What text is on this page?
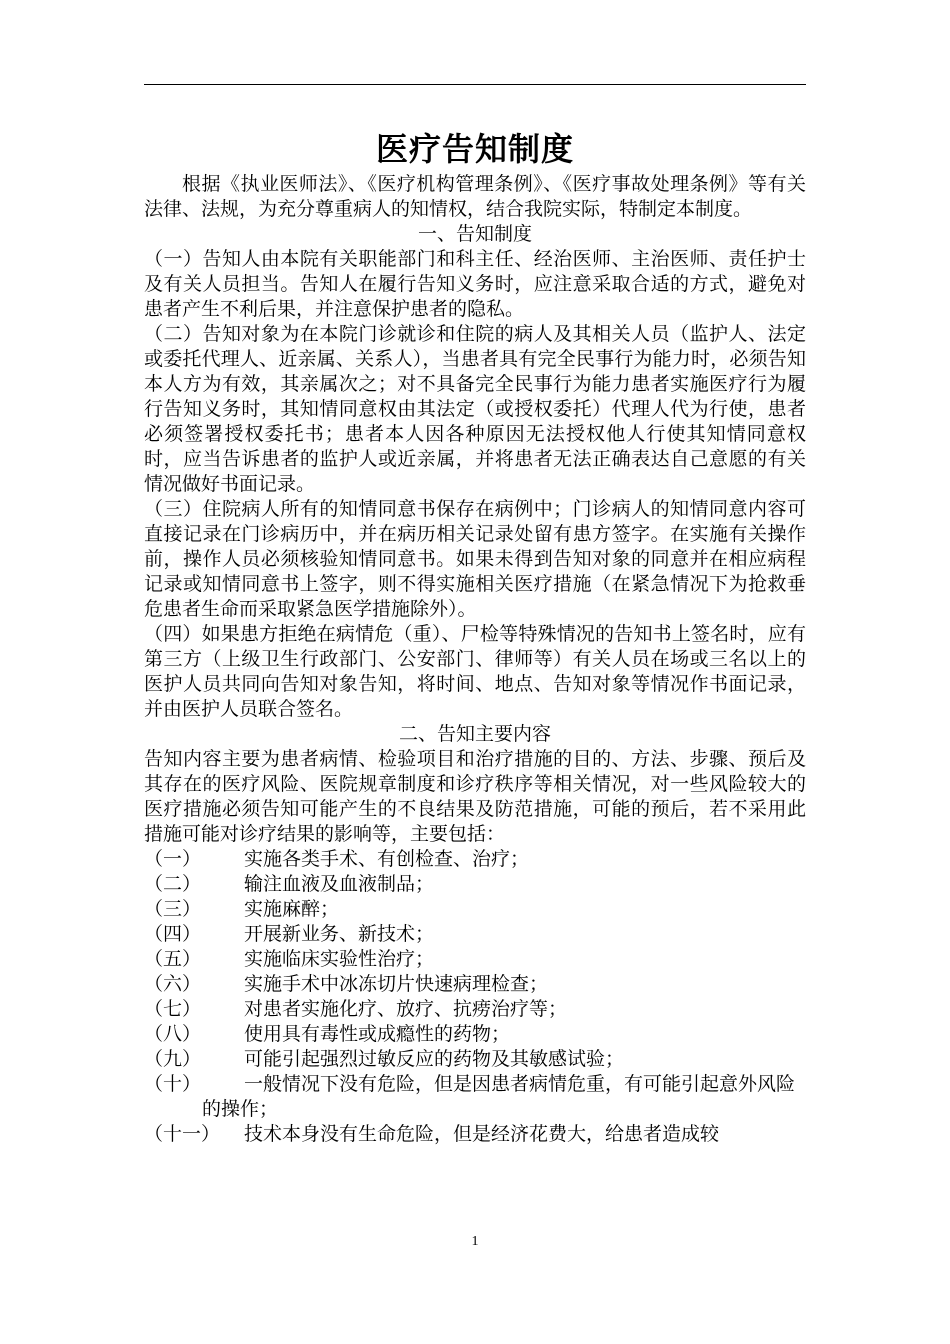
医疗告知制度

根据《执业医师法》、《医疗机构管理条例》、《医疗事故处理条例》等有关法律、法规，为充分尊重病人的知情权，结合我院实际，特制定本制度。

一、告知制度

（一）告知人由本院有关职能部门和科主任、经治医师、主治医师、责任护士及有关人员担当。告知人在履行告知义务时，应注意采取合适的方式，避免对患者产生不利后果，并注意保护患者的隐私。

（二）告知对象为在本院门诊就诊和住院的病人及其相关人员（监护人、法定或委托代理人、近亲属、关系人），当患者具有完全民事行为能力时，必须告知本人方为有效，其亲属次之；对不具备完全民事行为能力患者实施医疗行为履行告知义务时，其知情同意权由其法定（或授权委托）代理人代为行使，患者必须签署授权委托书；患者本人因各种原因无法授权他人行使其知情同意权时，应当告诉患者的监护人或近亲属，并将患者无法正确表达自己意愿的有关情况做好书面记录。

（三）住院病人所有的知情同意书保存在病例中；门诊病人的知情同意内容可直接记录在门诊病历中，并在病历相关记录处留有患方签字。在实施有关操作前，操作人员必须核验知情同意书。如果未得到告知对象的同意并在相应病程记录或知情同意书上签字，则不得实施相关医疗措施（在紧急情况下为抢救垂危患者生命而采取紧急医学措施除外）。

（四）如果患方拒绝在病情危（重）、尸检等特殊情况的告知书上签名时，应有第三方（上级卫生行政部门、公安部门、律师等）有关人员在场或三名以上的医护人员共同向告知对象告知，将时间、地点、告知对象等情况作书面记录，并由医护人员联合签名。

二、告知主要内容

告知内容主要为患者病情、检验项目和治疗措施的目的、方法、步骤、预后及其存在的医疗风险、医院规章制度和诊疗秩序等相关情况，对一些风险较大的医疗措施必须告知可能产生的不良结果及防范措施，可能的预后，若不采用此措施可能对诊疗结果的影响等，主要包括：

（一）	实施各类手术、有创检查、治疗；
（二）	输注血液及血液制品；
（三）	实施麻醉；
（四）	开展新业务、新技术；
（五）	实施临床实验性治疗；
（六）	实施手术中冰冻切片快速病理检查；
（七）	对患者实施化疗、放疗、抗痨治疗等；
（八）	使用具有毒性或成瘾性的药物；
（九）	可能引起强烈过敏反应的药物及其敏感试验；
（十） 一般情况下没有危险，但是因患者病情危重，有可能引起意外风险的操作；
（十一）	技术本身没有生命危险，但是经济花费大，给患者造成较
1
